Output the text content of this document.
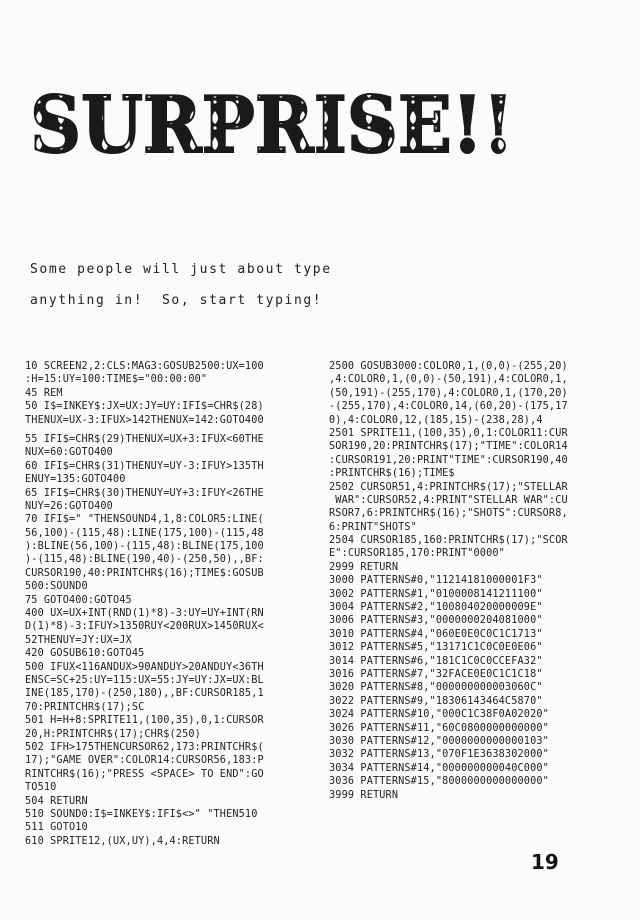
SURPRISE!!
Some people will just about type
anything in!  So, start typing!
10 SCREEN2,2:CLS:MAG3:GOSUB2500:UX=100
:H=15:UY=100:TIME$="00:00:00"
45 REM
50 I$=INKEY$:JX=UX:JY=UY:IFI$=CHR$(28)
THENUX=UX-3:IFUX>142THENUX=142:GOTO400
55 IFI$=CHR$(29)THENUX=UX+3:IFUX<60THE
NUX=60:GOTO400
60 IFI$=CHR$(31)THENUY=UY-3:IFUY>135TH
ENUY=135:GOTO400
65 IFI$=CHR$(30)THENUY=UY+3:IFUY<26THE
NUY=26:GOTO400
70 IFI$=" "THENSOUND4,1,8:COLOR5:LINE(
56,100)-(115,48):LINE(175,100)-(115,48
):BLINE(56,100)-(115,48):BLINE(175,100
)-(115,48):BLINE(190,40)-(250,50),,BF:
CURSOR190,40:PRINTCHR$(16);TIME$:GOSUB
500:SOUND0
75 GOTO400:GOTO45
400 UX=UX+INT(RND(1)*8)-3:UY=UY+INT(RN
D(1)*8)-3:IFUY>1350RUY<200RUX>1450RUX<
52THENUY=JY:UX=JX
420 GOSUB610:GOTO45
500 IFUX<116ANDUX>90ANDUY>20ANDUY<36TH
ENSC=SC+25:UY=115:UX=55:JY=UY:JX=UX:BL
INE(185,170)-(250,180),,BF:CURSOR185,1
70:PRINTCHR$(17);SC
501 H=H+8:SPRITE11,(100,35),0,1:CURSOR
20,H:PRINTCHR$(17);CHR$(250)
502 IFH>175THENCURSOR62,173:PRINTCHR$(
17);"GAME OVER":COLOR14:CURSOR56,183:P
RINTCHR$(16);"PRESS <SPACE> TO END":GO
TO510
504 RETURN
510 SOUND0:I$=INKEY$:IFI$<>" "THEN510
511 GOTO10
610 SPRITE12,(UX,UY),4,4:RETURN
2500 GOSUB3000:COLOR0,1,(0,0)-(255,20)
,4:COLOR0,1,(0,0)-(50,191),4:COLOR0,1,
(50,191)-(255,170),4:COLOR0,1,(170,20)
-(255,170),4:COLOR0,14,(60,20)-(175,17
0),4:COLOR0,12,(185,15)-(238,28),4
2501 SPRITE11,(100,35),0,1:COLOR11:CUR
SOR190,20:PRINTCHR$(17);"TIME":COLOR14
:CURSOR191,20:PRINT"TIME":CURSOR190,40
:PRINTCHR$(16);TIME$
2502 CURSOR51,4:PRINTCHR$(17);"STELLAR
WAR":CURSOR52,4:PRINT"STELLAR WAR":CU
RSOR7,6:PRINTCHR$(16);"SHOTS":CURSOR8,
6:PRINT"SHOTS"
2504 CURSOR185,160:PRINTCHR$(17);"SCOR
E":CURSOR185,170:PRINT"0000"
2999 RETURN
3000 PATTERNS#0,"11214181000001F3"
3002 PATTERNS#1,"0100008141211100"
3004 PATTERNS#2,"100804020000009E"
3006 PATTERNS#3,"0000000204081000"
3010 PATTERNS#4,"060E0E0C0C1C1713"
3012 PATTERNS#5,"13171C1C0C0E0E06"
3014 PATTERNS#6,"181C1C0C0CCEFA32"
3016 PATTERNS#7,"32FACE0E0C1C1C18"
3020 PATTERNS#8,"000000000003060C"
3022 PATTERNS#9,"18306143464C5870"
3024 PATTERNS#10,"000C1C38F0A02020"
3026 PATTERNS#11,"60C0800000000000"
3030 PATTERNS#12,"0000000000000103"
3032 PATTERNS#13,"070F1E3638302000"
3034 PATTERNS#14,"000000000040C000"
3036 PATTERNS#15,"8000000000000000"
3999 RETURN
19
